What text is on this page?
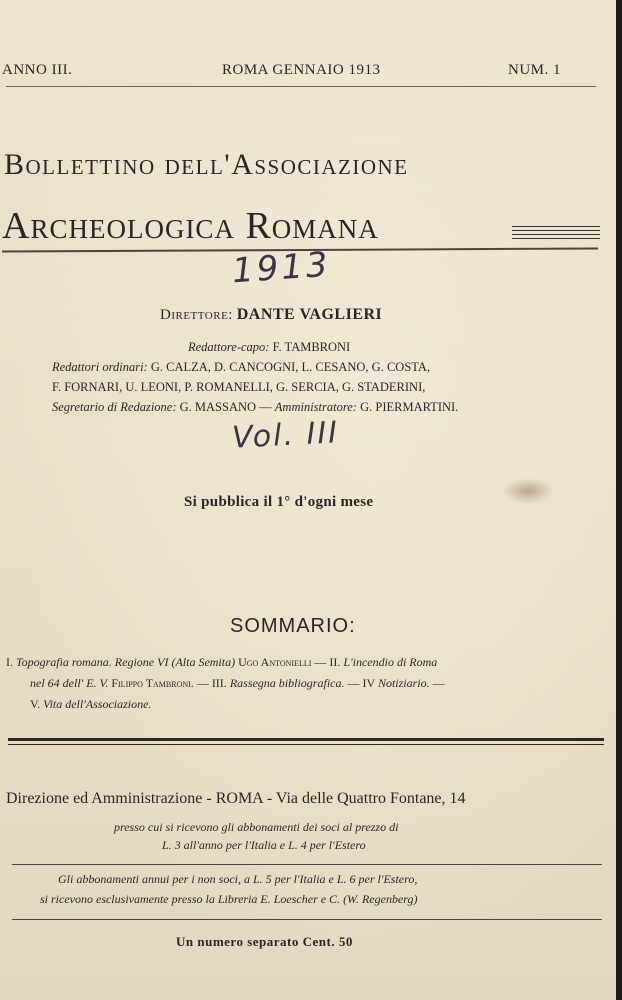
ANNO III.	ROMA GENNAIO 1913	NUM. 1
Bollettino dell'Associazione
Archeologica Romana
1913
Direttore: DANTE VAGLIERI
Redattore-capo: F. TAMBRONI
Redattori ordinari: G. CALZA, D. CANCOGNI, L. CESANO, G. COSTA,
F. FORNARI, U. LEONI, P. ROMANELLI, G. SERCIA, G. STADERINI,
Segretario di Redazione: G. MASSANO — Amministratore: G. PIERMARTINI.
Vol. III
Si pubblica il 1° d'ogni mese
SOMMARIO:
I. Topografia romana. Regione VI (Alta Semita) Ugo Antonielli — II. L'incendio di Roma
nel 64 dell' E. V. Filippo Tambroni. — III. Rassegna bibliografica. — IV Notiziario. —
V. Vita dell'Associazione.
Direzione ed Amministrazione - ROMA - Via delle Quattro Fontane, 14
presso cui si ricevono gli abbonamenti dei soci al prezzo di
L. 3 all'anno per l'Italia e L. 4 per l'Estero
Gli abbonamenti annui per i non soci, a L. 5 per l'Italia e L. 6 per l'Estero,
si ricevono esclusivamente presso la Libreria E. Loescher e C. (W. Regenberg)
Un numero separato Cent. 50
